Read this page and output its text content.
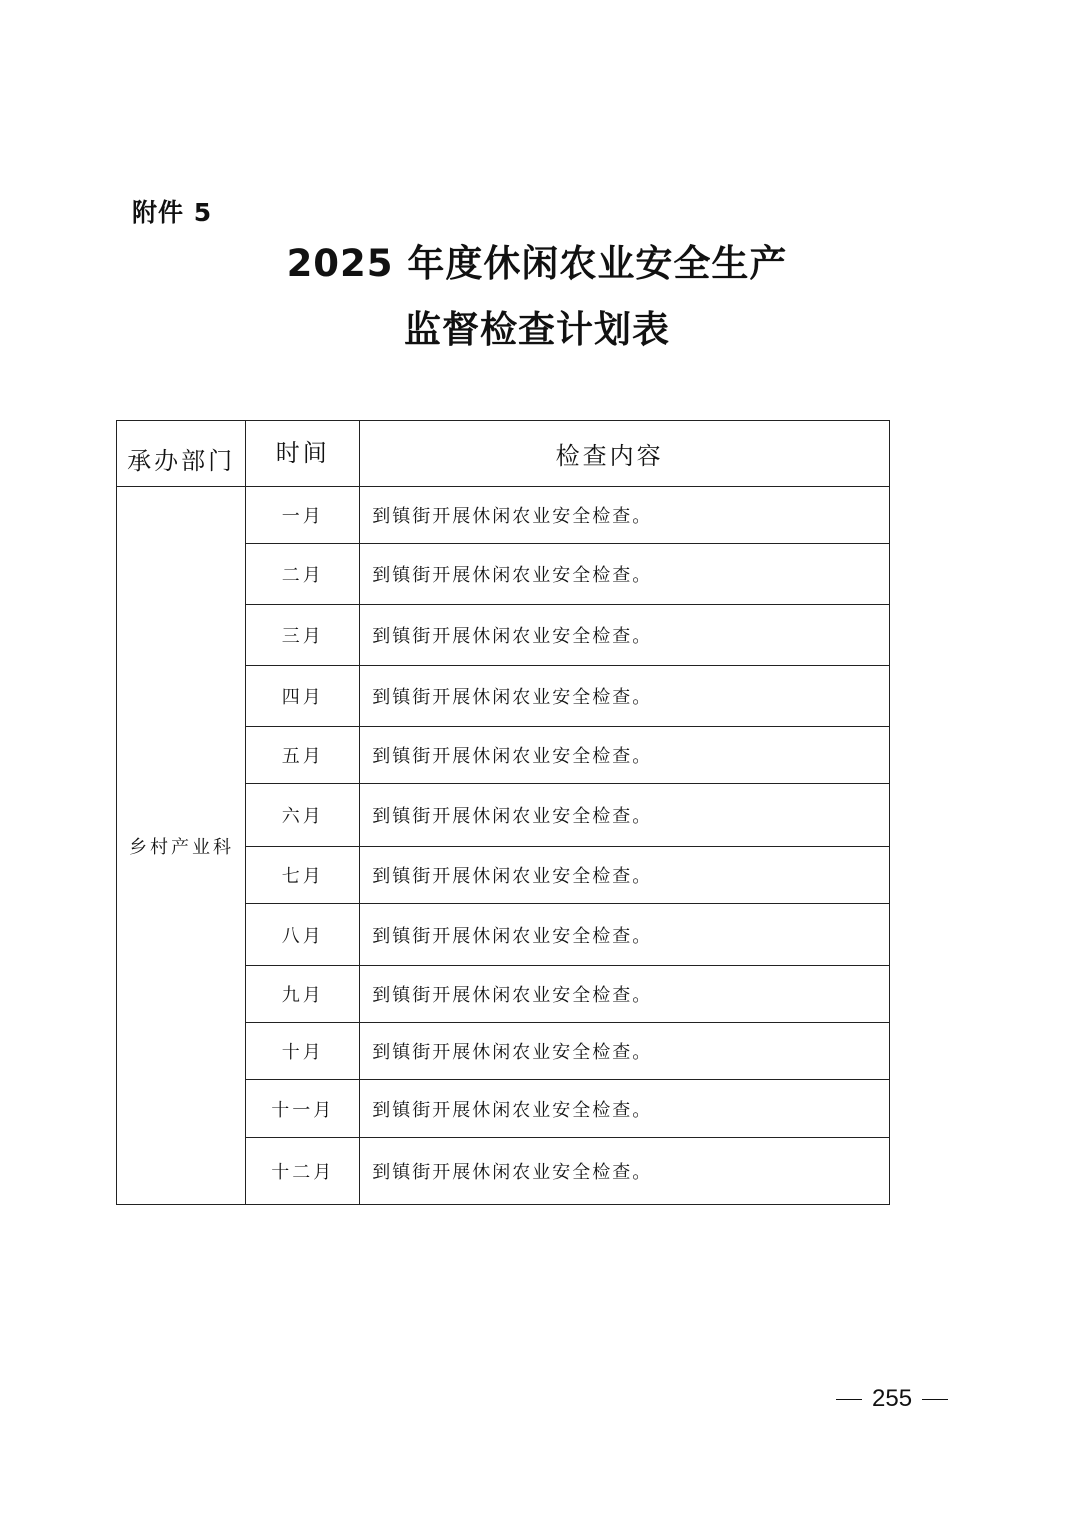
附件 5
2025 年度休闲农业安全生产
监督检查计划表
承办部门	时间	检查内容
乡村产业科	一月	到镇街开展休闲农业安全检查。
	二月	到镇街开展休闲农业安全检查。
	三月	到镇街开展休闲农业安全检查。
	四月	到镇街开展休闲农业安全检查。
	五月	到镇街开展休闲农业安全检查。
	六月	到镇街开展休闲农业安全检查。
	七月	到镇街开展休闲农业安全检查。
	八月	到镇街开展休闲农业安全检查。
	九月	到镇街开展休闲农业安全检查。
	十月	到镇街开展休闲农业安全检查。
	十一月	到镇街开展休闲农业安全检查。
	十二月	到镇街开展休闲农业安全检查。
255
